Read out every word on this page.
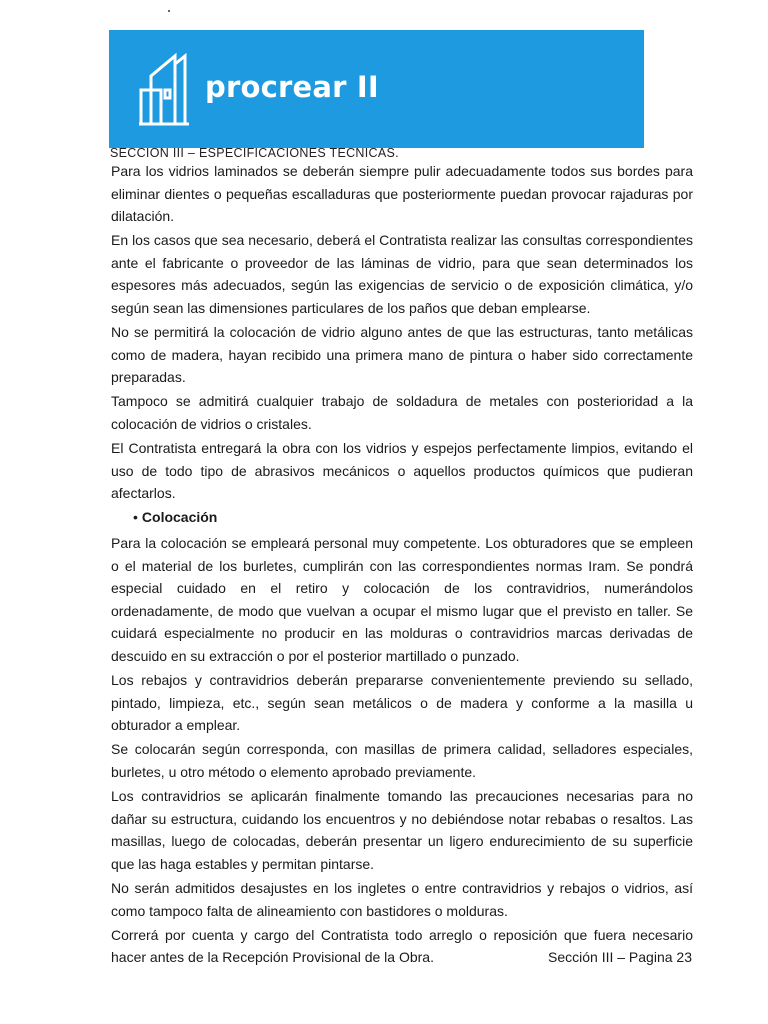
procrear II
SECCION III – ESPECIFICACIONES TECNICAS.

Para los vidrios laminados se deberán siempre pulir adecuadamente todos sus bordes para eliminar dientes o pequeñas escalladuras que posteriormente puedan provocar rajaduras por dilatación.

En los casos que sea necesario, deberá el Contratista realizar las consultas correspondientes ante el fabricante o proveedor de las láminas de vidrio, para que sean determinados los espesores más adecuados, según las exigencias de servicio o de exposición climática, y/o según sean las dimensiones particulares de los paños que deban emplearse.

No se permitirá la colocación de vidrio alguno antes de que las estructuras, tanto metálicas como de madera, hayan recibido una primera mano de pintura o haber sido correctamente preparadas.

Tampoco se admitirá cualquier trabajo de soldadura de metales con posterioridad a la colocación de vidrios o cristales.

El Contratista entregará la obra con los vidrios y espejos perfectamente limpios, evitando el uso de todo tipo de abrasivos mecánicos o aquellos productos químicos que pudieran afectarlos.

• Colocación

Para la colocación se empleará personal muy competente. Los obturadores que se empleen o el material de los burletes, cumplirán con las correspondientes normas Iram. Se pondrá especial cuidado en el retiro y colocación de los contravidrios, numerándolos ordenadamente, de modo que vuelvan a ocupar el mismo lugar que el previsto en taller. Se cuidará especialmente no producir en las molduras o contravidrios marcas derivadas de descuido en su extracción o por el posterior martillado o punzado.

Los rebajos y contravidrios deberán prepararse convenientemente previendo su sellado, pintado, limpieza, etc., según sean metálicos o de madera y conforme a la masilla u obturador a emplear.

Se colocarán según corresponda, con masillas de primera calidad, selladores especiales, burletes, u otro método o elemento aprobado previamente.

Los contravidrios se aplicarán finalmente tomando las precauciones necesarias para no dañar su estructura, cuidando los encuentros y no debiéndose notar rebabas o resaltos. Las masillas, luego de colocadas, deberán presentar un ligero endurecimiento de su superficie que las haga estables y permitan pintarse.

No serán admitidos desajustes en los ingletes o entre contravidrios y rebajos o vidrios, así como tampoco falta de alineamiento con bastidores o molduras.

Correrá por cuenta y cargo del Contratista todo arreglo o reposición que fuera necesario hacer antes de la Recepción Provisional de la Obra.	Sección III – Pagina 23
